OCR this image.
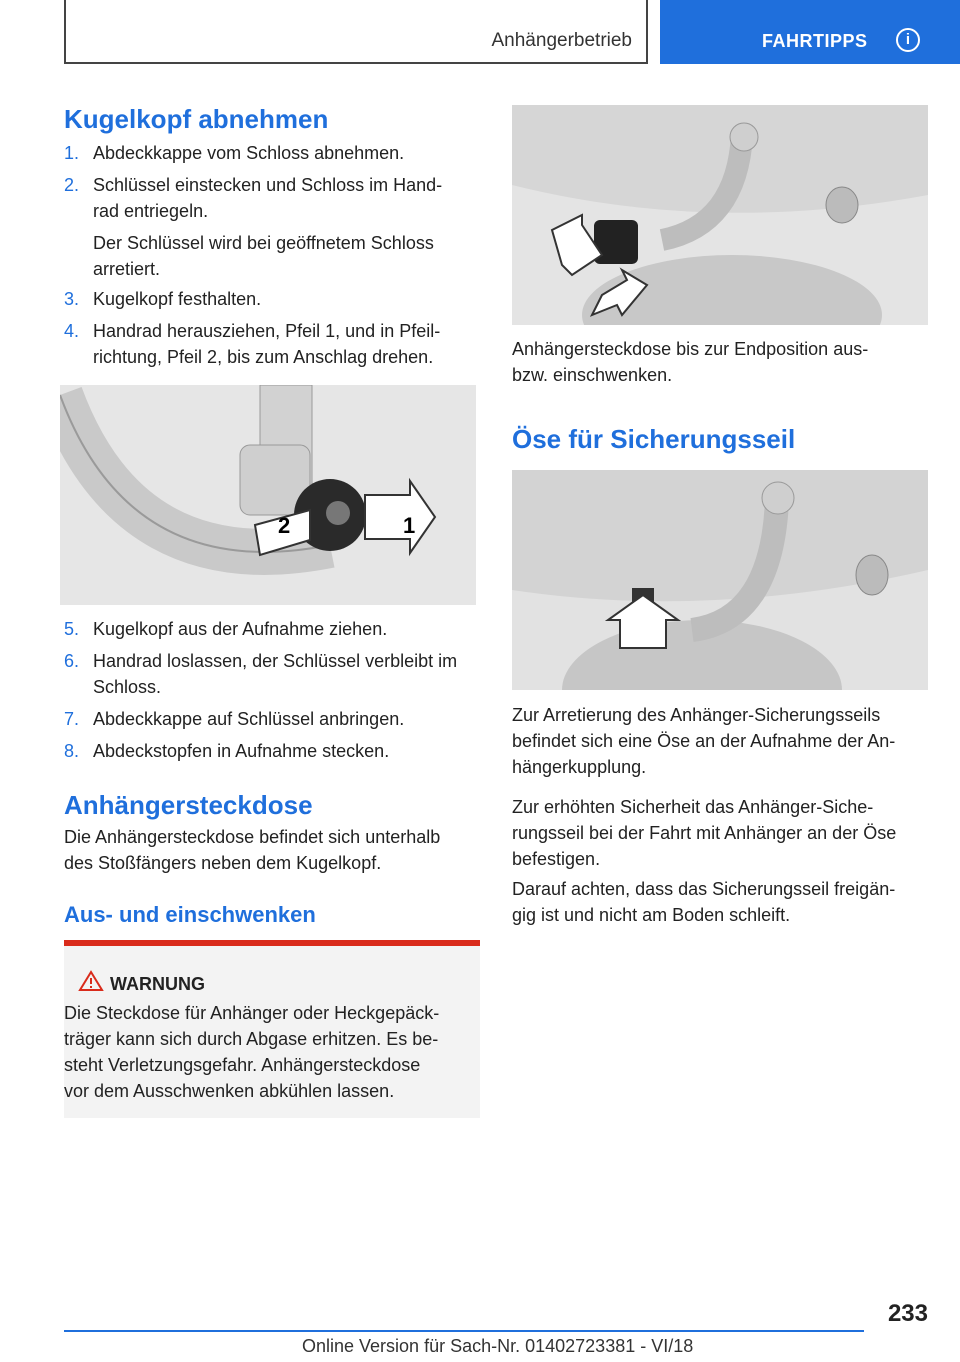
Anhängerbetrieb	FAHRTIPPS	i
Kugelkopf abnehmen
1. Abdeckkappe vom Schloss abnehmen.
2. Schlüssel einstecken und Schloss im Hand-
rad entriegeln.
Der Schlüssel wird bei geöffnetem Schloss
arretiert.
3. Kugelkopf festhalten.
4. Handrad herausziehen, Pfeil 1, und in Pfeil-
richtung, Pfeil 2, bis zum Anschlag drehen.
1
2
5. Kugelkopf aus der Aufnahme ziehen.
6. Handrad loslassen, der Schlüssel verbleibt im
Schloss.
7. Abdeckkappe auf Schlüssel anbringen.
8. Abdeckstopfen in Aufnahme stecken.
Anhängersteckdose

Die Anhängersteckdose befindet sich unterhalb
des Stoßfängers neben dem Kugelkopf.

Aus- und einschwenken
WARNUNG

Die Steckdose für Anhänger oder Heckgepäck-
träger kann sich durch Abgase erhitzen. Es be-
steht Verletzungsgefahr. Anhängersteckdose
vor dem Ausschwenken abkühlen lassen.

Anhängersteckdose bis zur Endposition aus-
bzw. einschwenken.

Öse für Sicherungsseil

Zur Arretierung des Anhänger-Sicherungsseils
befindet sich eine Öse an der Aufnahme der An-
hängerkupplung.

Zur erhöhten Sicherheit das Anhänger-Siche-
rungsseil bei der Fahrt mit Anhänger an der Öse
befestigen.

Darauf achten, dass das Sicherungsseil freigän-
gig ist und nicht am Boden schleift.

233
Online Version für Sach-Nr. 01402723381 - VI/18
